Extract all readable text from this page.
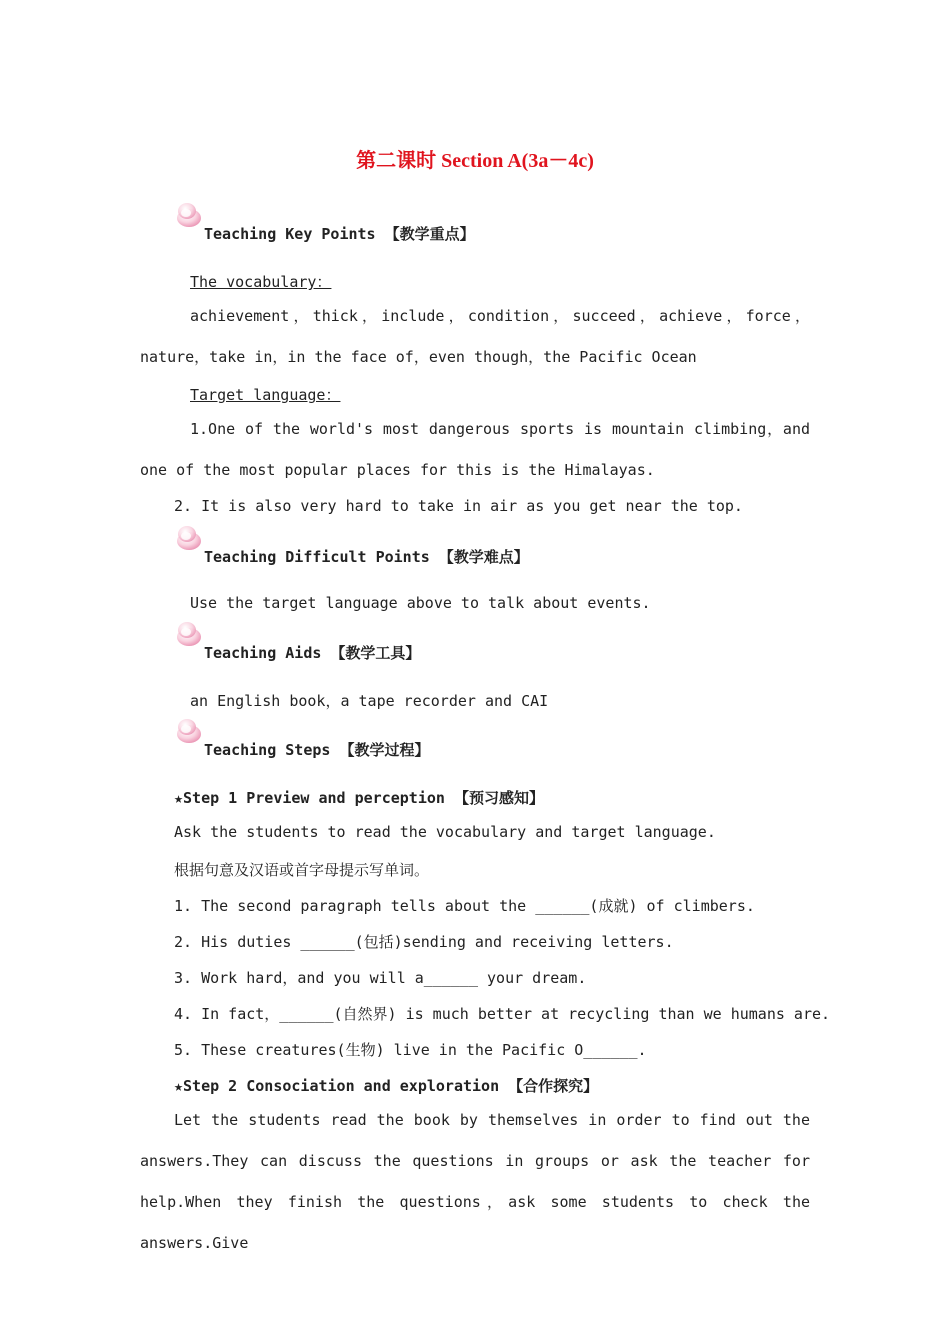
第二课时 Section A(3a－4c)
Teaching Key Points 【教学重点】
The vocabulary：
achievement，thick，include，condition，succeed，achieve，force，nature，take in，in the face of，even though，the Pacific Ocean
Target language：
1.One of the world's most dangerous sports is mountain climbing，and one of the most popular places for this is the Himalayas.
2. It is also very hard to take in air as you get near the top.
Teaching Difficult Points 【教学难点】
Use the target language above to talk about events.
Teaching Aids 【教学工具】
an English book，a tape recorder and CAI
Teaching Steps 【教学过程】
★Step 1 Preview and perception 【预习感知】
Ask the students to read the vocabulary and target language.
根据句意及汉语或首字母提示写单词。
1. The second paragraph tells about the ______(成就) of climbers.
2. His duties ______(包括)sending and receiving letters.
3. Work hard，and you will a______ your dream.
4. In fact，______(自然界) is much better at recycling than we humans are.
5. These creatures(生物) live in the Pacific O______.
★Step 2 Consociation and exploration 【合作探究】
Let the students read the book by themselves in order to find out the answers.They can discuss the questions in groups or ask the teacher for help.When they finish the questions，ask some students to check the answers.Give
